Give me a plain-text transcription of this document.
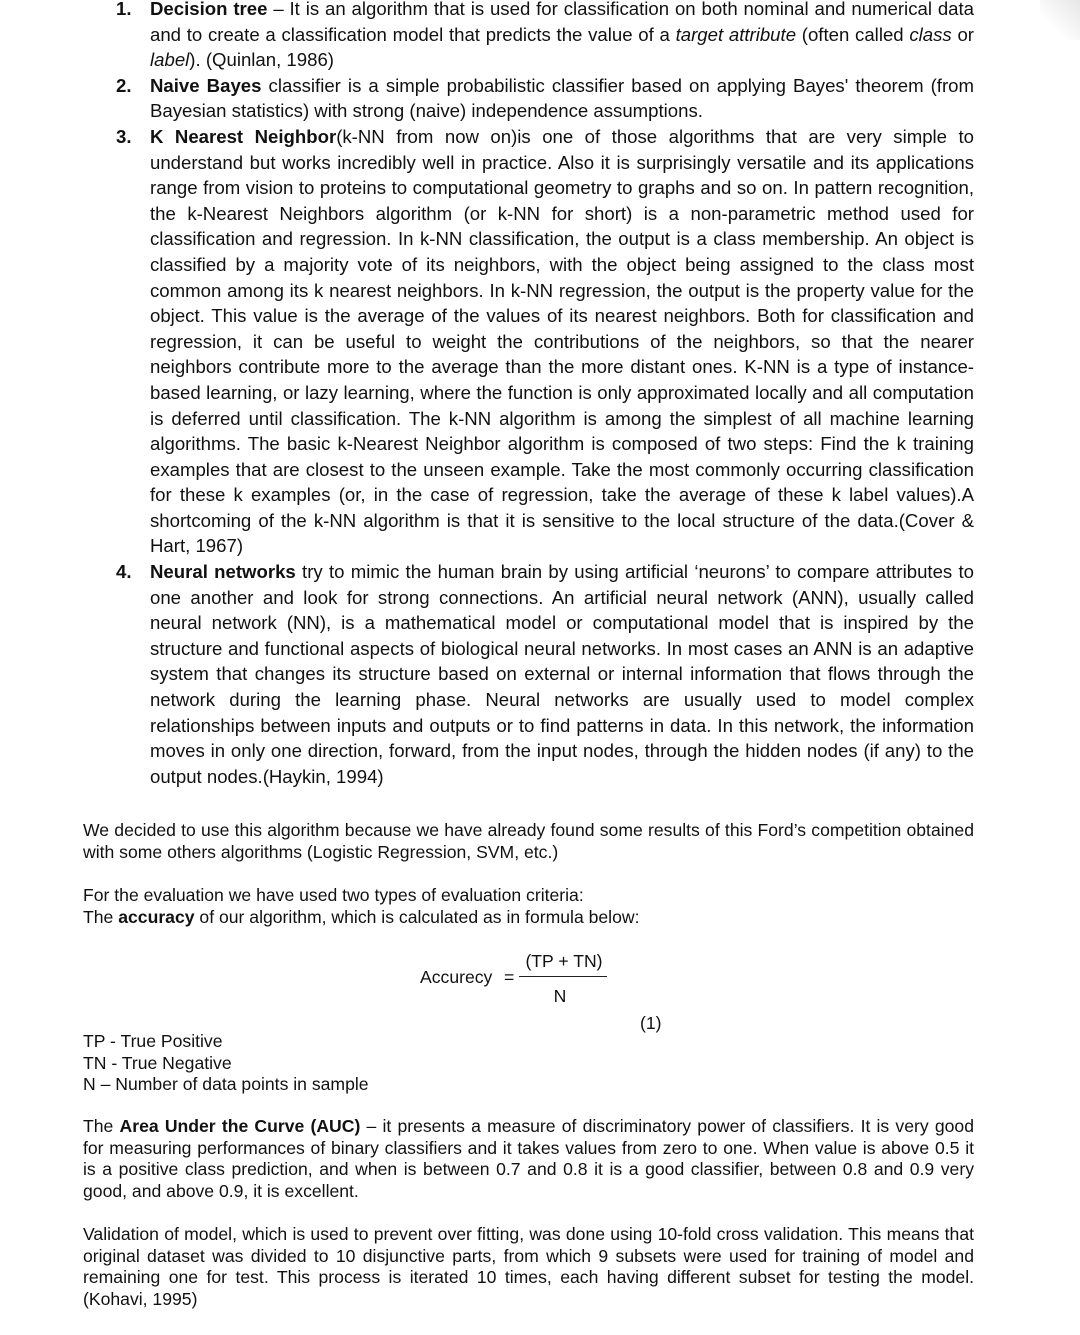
1. Decision tree – It is an algorithm that is used for classification on both nominal and numerical data and to create a classification model that predicts the value of a target attribute (often called class or label). (Quinlan, 1986)
2. Naive Bayes classifier is a simple probabilistic classifier based on applying Bayes' theorem (from Bayesian statistics) with strong (naive) independence assumptions.
3. K Nearest Neighbor(k-NN from now on)is one of those algorithms that are very simple to understand but works incredibly well in practice. Also it is surprisingly versatile and its applications range from vision to proteins to computational geometry to graphs and so on. In pattern recognition, the k-Nearest Neighbors algorithm (or k-NN for short) is a non-parametric method used for classification and regression. In k-NN classification, the output is a class membership. An object is classified by a majority vote of its neighbors, with the object being assigned to the class most common among its k nearest neighbors. In k-NN regression, the output is the property value for the object. This value is the average of the values of its nearest neighbors. Both for classification and regression, it can be useful to weight the contributions of the neighbors, so that the nearer neighbors contribute more to the average than the more distant ones. K-NN is a type of instance-based learning, or lazy learning, where the function is only approximated locally and all computation is deferred until classification. The k-NN algorithm is among the simplest of all machine learning algorithms. The basic k-Nearest Neighbor algorithm is composed of two steps: Find the k training examples that are closest to the unseen example. Take the most commonly occurring classification for these k examples (or, in the case of regression, take the average of these k label values).A shortcoming of the k-NN algorithm is that it is sensitive to the local structure of the data.(Cover & Hart, 1967)
4. Neural networks try to mimic the human brain by using artificial ‘neurons’ to compare attributes to one another and look for strong connections. An artificial neural network (ANN), usually called neural network (NN), is a mathematical model or computational model that is inspired by the structure and functional aspects of biological neural networks. In most cases an ANN is an adaptive system that changes its structure based on external or internal information that flows through the network during the learning phase. Neural networks are usually used to model complex relationships between inputs and outputs or to find patterns in data. In this network, the information moves in only one direction, forward, from the input nodes, through the hidden nodes (if any) to the output nodes.(Haykin, 1994)

We decided to use this algorithm because we have already found some results of this Ford’s competition obtained with some others algorithms (Logistic Regression, SVM, etc.)

For the evaluation we have used two types of evaluation criteria:
The accuracy of our algorithm, which is calculated as in formula below:

Accurecy =
(TP + TN)
N
(1)

TP - True Positive
TN - True Negative
N – Number of data points in sample

The Area Under the Curve (AUC) – it presents a measure of discriminatory power of classifiers. It is very good for measuring performances of binary classifiers and it takes values from zero to one. When value is above 0.5 it is a positive class prediction, and when is between 0.7 and 0.8 it is a good classifier, between 0.8 and 0.9 very good, and above 0.9, it is excellent.

Validation of model, which is used to prevent over fitting, was done using 10-fold cross validation. This means that original dataset was divided to 10 disjunctive parts, from which 9 subsets were used for training of model and remaining one for test. This process is iterated 10 times, each having different subset for testing the model. (Kohavi, 1995)
